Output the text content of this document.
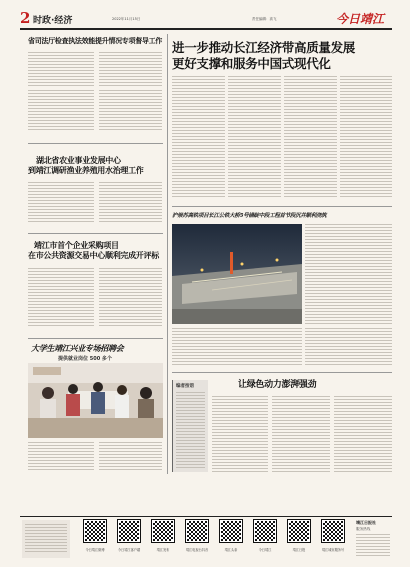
2 时政·经济	2022年11月15日	责任编辑：高飞	今日靖江
省司法厅检查执法效能提升情况专项督导工作
湖北省农业事业发展中心
到靖江调研渔业养殖用水治理工作
靖江市首个企业采购项目
在市公共资源交易中心顺利完成开评标
大学生靖江兴业专场招聘会
提供就业岗位 500 多个
进一步推动长江经济带高质量发展
更好支撑和服务中国式现代化
沪崇苏高铁项目长江公铁大桥5号锚碇中段工程首节段沉井顺利浇筑
编者按语	让绿色动力澎湃强劲
今日靖江微博	今日靖江客户端	靖江发布	靖江电视台抖音	靖江头条	今日靖江	靖江日报	靖江城市服务号
靖江日报社
服务热线
